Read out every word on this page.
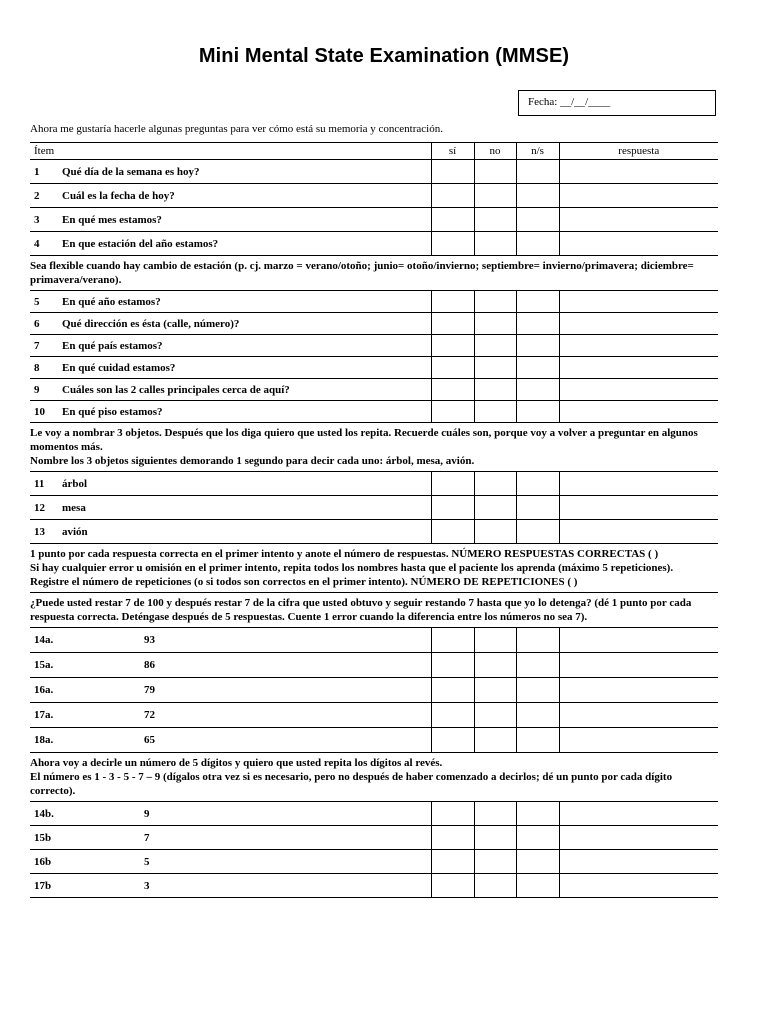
Mini Mental State Examination (MMSE)
Fecha: __/__/____
Ahora me gustaría hacerle algunas preguntas para ver cómo está su memoria y concentración.
Ítem	sí	no	n/s	respuesta
1 Qué día de la semana es hoy?				
2 Cuál es la fecha de hoy?				
3 En qué mes estamos?				
4 En que estación del año estamos?				

Sea flexible cuando hay cambio de estación (p. cj. marzo = verano/otoño; junio= otoño/invierno; septiembre= invierno/primavera; diciembre= primavera/verano).				

5 En qué año estamos?				
6 Qué dirección es ésta (calle, número)?				
7 En qué país estamos?				
8 En qué cuidad estamos?				
9 Cuáles son las 2 calles principales cerca de aquí?				
10 En qué piso estamos?				

Le voy a nombrar 3 objetos. Después que los diga quiero que usted los repita. Recuerde cuáles son, porque voy a volver a preguntar en algunos momentos más.

Nombre los 3 objetos siguientes demorando 1 segundo para decir cada uno: árbol, mesa, avión.				

11 árbol				
12 mesa				
13 avión				

1 punto por cada respuesta correcta en el primer intento y anote el número de respuestas. NÚMERO RESPUESTAS CORRECTAS ( )

Si hay cualquier error u omisión en el primer intento, repita todos los nombres hasta que el paciente los aprenda (máximo 5 repeticiones). Registre el número de repeticiones (o si todos son correctos en el primer intento). NÚMERO DE REPETICIONES ( )				

¿Puede usted restar 7 de 100 y después restar 7 de la cifra que usted obtuvo y seguir restando 7 hasta que yo lo detenga? (dé 1 punto por cada respuesta correcta. Deténgase después de 5 respuestas. Cuente 1 error cuando la diferencia entre los números no sea 7).				

14a. 93				
15a. 86				
16a. 79				
17a. 72				
18a. 65				

Ahora voy a decirle un número de 5 dígitos y quiero que usted repita los dígitos al revés.

El número es 1 - 3 - 5 - 7 – 9 (dígalos otra vez si es necesario, pero no después de haber comenzado a decirlos; dé un punto por cada dígito correcto).				

14b. 9				
15b 7				
16b 5				
17b 3				
